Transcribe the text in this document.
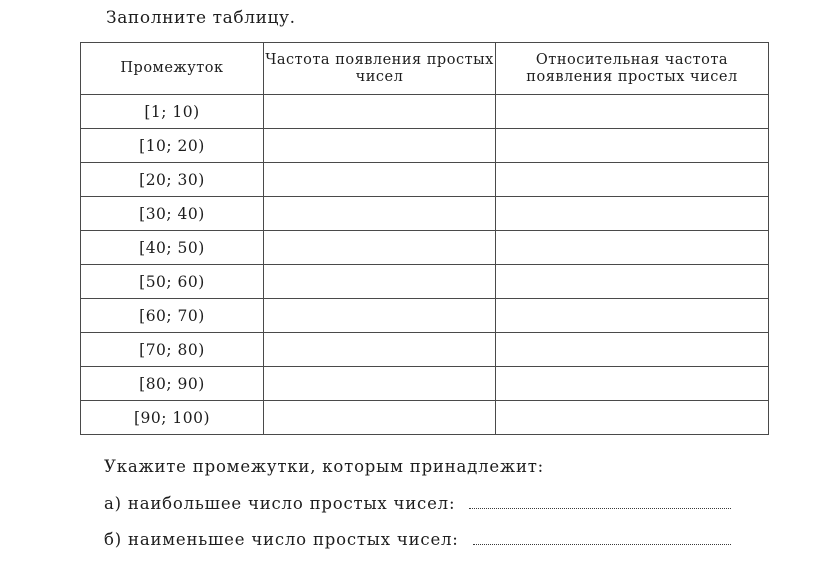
Заполните таблицу.
Промежуток	Частота появления простых чисел	Относительная частота появления простых чисел
[1; 10)		
[10; 20)		
[20; 30)		
[30; 40)		
[40; 50)		
[50; 60)		
[60; 70)		
[70; 80)		
[80; 90)		
[90; 100)		
Укажите промежутки, которым принадлежит:
а) наибольшее число простых чисел:
б) наименьшее число простых чисел:
